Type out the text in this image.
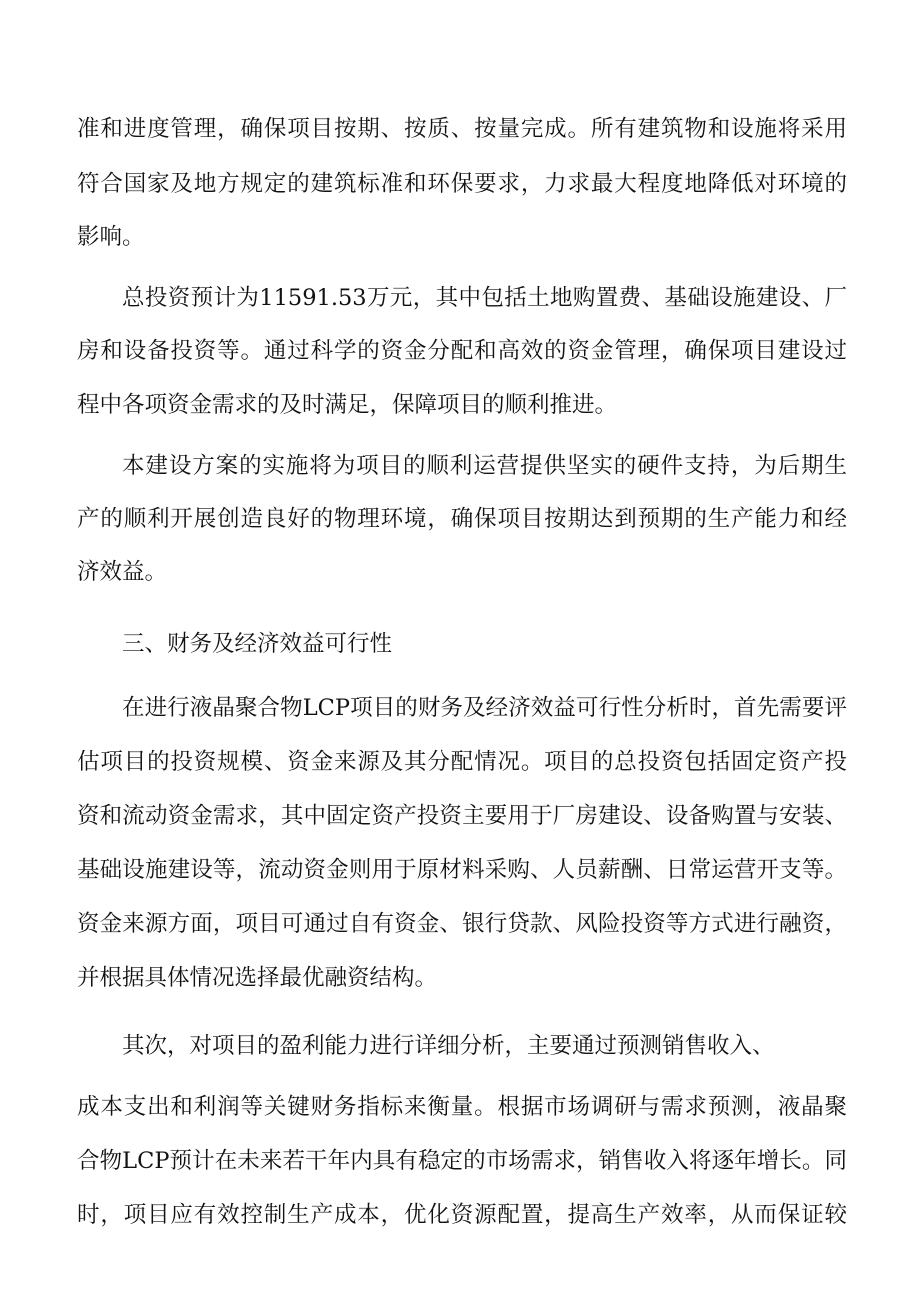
准和进度管理，确保项目按期、按质、按量完成。所有建筑物和设施将采用

符合国家及地方规定的建筑标准和环保要求，力求最大程度地降低对环境的

影响。

总投资预计为11591.53万元，其中包括土地购置费、基础设施建设、厂

房和设备投资等。通过科学的资金分配和高效的资金管理，确保项目建设过

程中各项资金需求的及时满足，保障项目的顺利推进。

本建设方案的实施将为项目的顺利运营提供坚实的硬件支持，为后期生

产的顺利开展创造良好的物理环境，确保项目按期达到预期的生产能力和经

济效益。

三、财务及经济效益可行性

在进行液晶聚合物LCP项目的财务及经济效益可行性分析时，首先需要评

估项目的投资规模、资金来源及其分配情况。项目的总投资包括固定资产投

资和流动资金需求，其中固定资产投资主要用于厂房建设、设备购置与安装、

基础设施建设等，流动资金则用于原材料采购、人员薪酬、日常运营开支等。

资金来源方面，项目可通过自有资金、银行贷款、风险投资等方式进行融资，

并根据具体情况选择最优融资结构。

其次，对项目的盈利能力进行详细分析，主要通过预测销售收入、

成本支出和利润等关键财务指标来衡量。根据市场调研与需求预测，液晶聚

合物LCP预计在未来若干年内具有稳定的市场需求，销售收入将逐年增长。同

时，项目应有效控制生产成本，优化资源配置，提高生产效率，从而保证较
